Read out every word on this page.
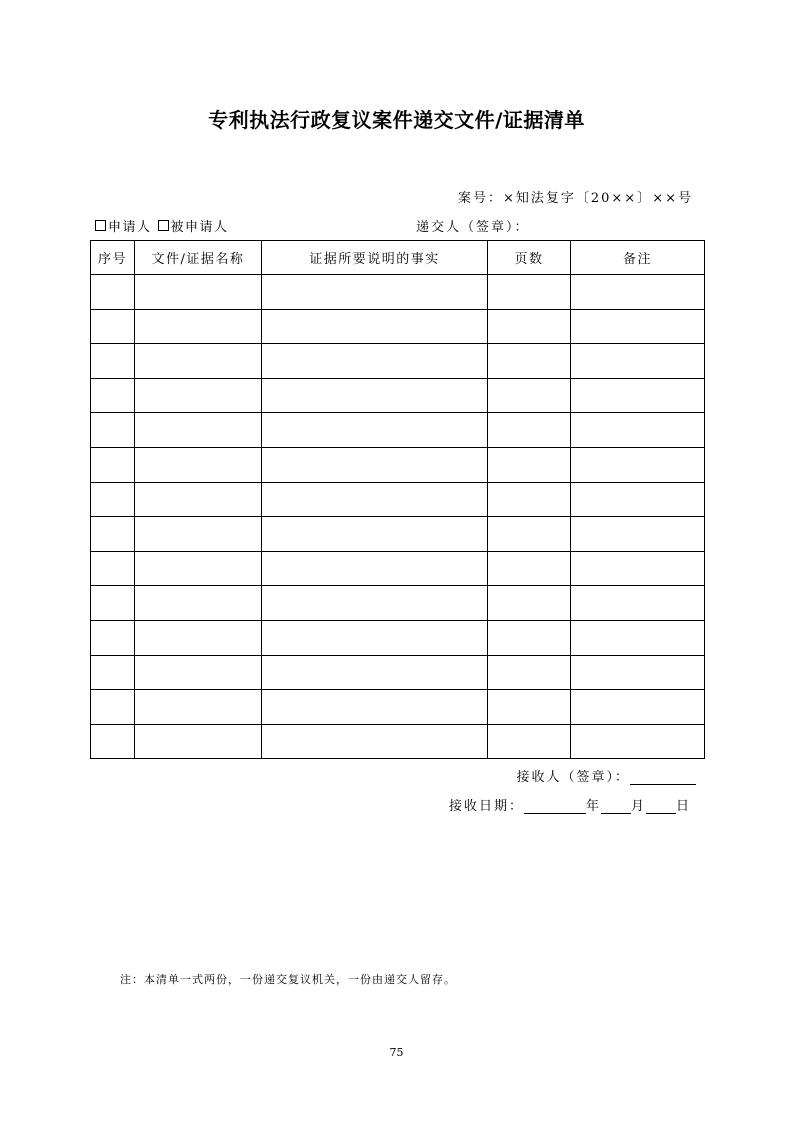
专利执法行政复议案件递交文件/证据清单
案号：×知法复字〔20××〕××号
申请人 被申请人	递交人（签章）：
序号	文件/证据名称	证据所要说明的事实	页数	备注

接收人（签章）：
接收日期：	年 月 日
注：本清单一式两份，一份递交复议机关，一份由递交人留存。
75
